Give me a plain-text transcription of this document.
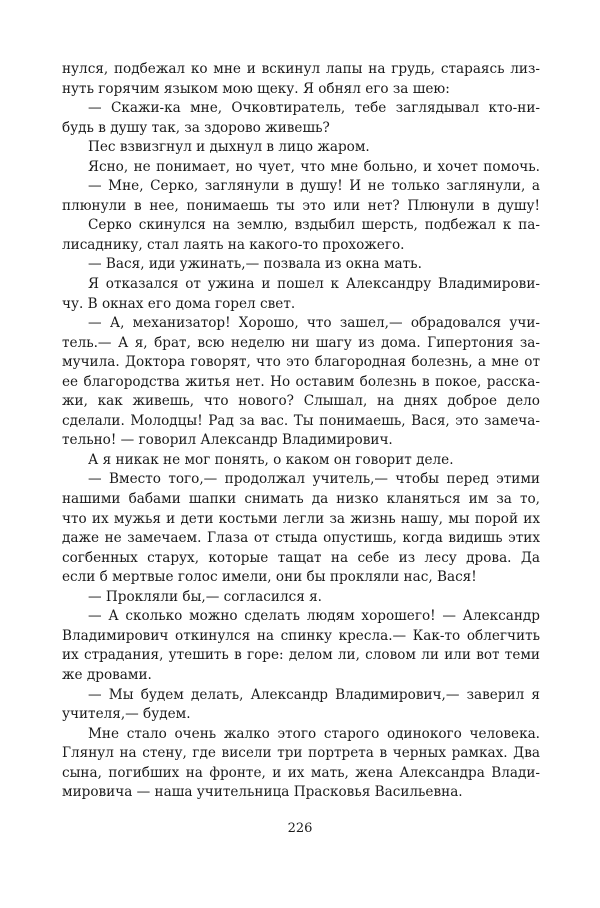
нулся, подбежал ко мне и вскинул лапы на грудь, стараясь лиз-
нуть горячим языком мою щеку. Я обнял его за шею:
— Скажи-ка мне, Очковтиратель, тебе заглядывал кто-ни-
будь в душу так, за здорово живешь?
Пес взвизгнул и дыхнул в лицо жаром.
Ясно, не понимает, но чует, что мне больно, и хочет помочь.
— Мне, Серко, заглянули в душу! И не только заглянули, а
плюнули в нее, понимаешь ты это или нет? Плюнули в душу!
Серко скинулся на землю, вздыбил шерсть, подбежал к па-
лисаднику, стал лаять на какого-то прохожего.
— Вася, иди ужинать,— позвала из окна мать.
Я отказался от ужина и пошел к Александру Владимирови-
чу. В окнах его дома горел свет.
— А, механизатор! Хорошо, что зашел,— обрадовался учи-
тель.— А я, брат, всю неделю ни шагу из дома. Гипертония за-
мучила. Доктора говорят, что это благородная болезнь, а мне от
ее благородства житья нет. Но оставим болезнь в покое, расска-
жи, как живешь, что нового? Слышал, на днях доброе дело
сделали. Молодцы! Рад за вас. Ты понимаешь, Вася, это замеча-
тельно! — говорил Александр Владимирович.
А я никак не мог понять, о каком он говорит деле.
— Вместо того,— продолжал учитель,— чтобы перед этими
нашими бабами шапки снимать да низко кланяться им за то,
что их мужья и дети костьми легли за жизнь нашу, мы порой их
даже не замечаем. Глаза от стыда опустишь, когда видишь этих
согбенных старух, которые тащат на себе из лесу дрова. Да
если б мертвые голос имели, они бы прокляли нас, Вася!
— Прокляли бы,— согласился я.
— А сколько можно сделать людям хорошего! — Александр
Владимирович откинулся на спинку кресла.— Как-то облегчить
их страдания, утешить в горе: делом ли, словом ли или вот теми
же дровами.
— Мы будем делать, Александр Владимирович,— заверил я
учителя,— будем.
Мне стало очень жалко этого старого одинокого человека.
Глянул на стену, где висели три портрета в черных рамках. Два
сына, погибших на фронте, и их мать, жена Александра Влади-
мировича — наша учительница Прасковья Васильевна.
226
